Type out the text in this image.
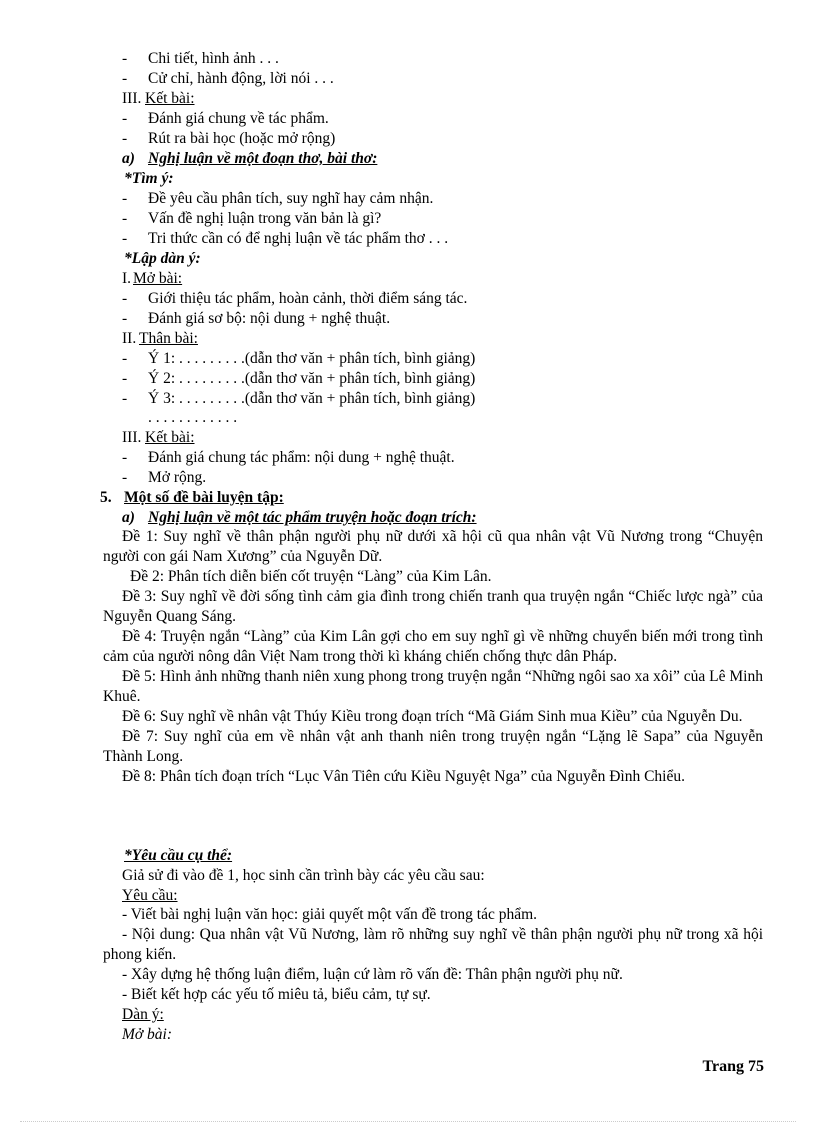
- Chi tiết, hình ảnh . . .
- Cử chỉ, hành động, lời nói . . .
III. Kết bài:
- Đánh giá chung về tác phẩm.
- Rút ra bài học (hoặc mở rộng)
a) Nghị luận về một đoạn thơ, bài thơ:
*Tìm ý:
- Đề yêu cầu phân tích, suy nghĩ hay cảm nhận.
- Vấn đề nghị luận trong văn bản là gì?
- Tri thức cần có để nghị luận về tác phẩm thơ . . .
*Lập dàn ý:
I. Mở bài:
- Giới thiệu tác phẩm, hoàn cảnh, thời điểm sáng tác.
- Đánh giá sơ bộ: nội dung + nghệ thuật.
II. Thân bài:
- Ý 1: . . . . . . . . .(dẫn thơ văn + phân tích, bình giảng)
- Ý 2: . . . . . . . . .(dẫn thơ văn + phân tích, bình giảng)
- Ý 3: . . . . . . . . .(dẫn thơ văn + phân tích, bình giảng)
. . . . . . . . . . . .
III. Kết bài:
- Đánh giá chung tác phẩm: nội dung + nghệ thuật.
- Mở rộng.
5. Một số đề bài luyện tập:
a) Nghị luận về một tác phẩm truyện hoặc đoạn trích:

Đề 1: Suy nghĩ về thân phận người phụ nữ dưới xã hội cũ qua nhân vật Vũ Nương trong “Chuyện người con gái Nam Xương” của Nguyễn Dữ.

Đề 2: Phân tích diễn biến cốt truyện “Làng” của Kim Lân.

Đề 3: Suy nghĩ về đời sống tình cảm gia đình trong chiến tranh qua truyện ngắn “Chiếc lược ngà” của Nguyễn Quang Sáng.

Đề 4: Truyện ngắn “Làng” của Kim Lân gợi cho em suy nghĩ gì về những chuyển biến mới trong tình cảm của người nông dân Việt Nam trong thời kì kháng chiến chống thực dân Pháp.

Đề 5: Hình ảnh những thanh niên xung phong trong truyện ngắn “Những ngôi sao xa xôi” của Lê Minh Khuê.

Đề 6: Suy nghĩ về nhân vật Thúy Kiều trong đoạn trích “Mã Giám Sinh mua Kiều” của Nguyễn Du.

Đề 7: Suy nghĩ của em về nhân vật anh thanh niên trong truyện ngắn “Lặng lẽ Sapa” của Nguyễn Thành Long.

Đề 8: Phân tích đoạn trích “Lục Vân Tiên cứu Kiều Nguyệt Nga” của Nguyễn Đình Chiểu.

*Yêu cầu cụ thể:
Giả sử đi vào đề 1, học sinh cần trình bày các yêu cầu sau:
Yêu cầu:

- Viết bài nghị luận văn học: giải quyết một vấn đề trong tác phẩm.

- Nội dung: Qua nhân vật Vũ Nương, làm rõ những suy nghĩ về thân phận người phụ nữ trong xã hội phong kiến.

- Xây dựng hệ thống luận điểm, luận cứ làm rõ vấn đề: Thân phận người phụ nữ.

- Biết kết hợp các yếu tố miêu tả, biểu cảm, tự sự.

Dàn ý:
Mở bài:
Trang 75
